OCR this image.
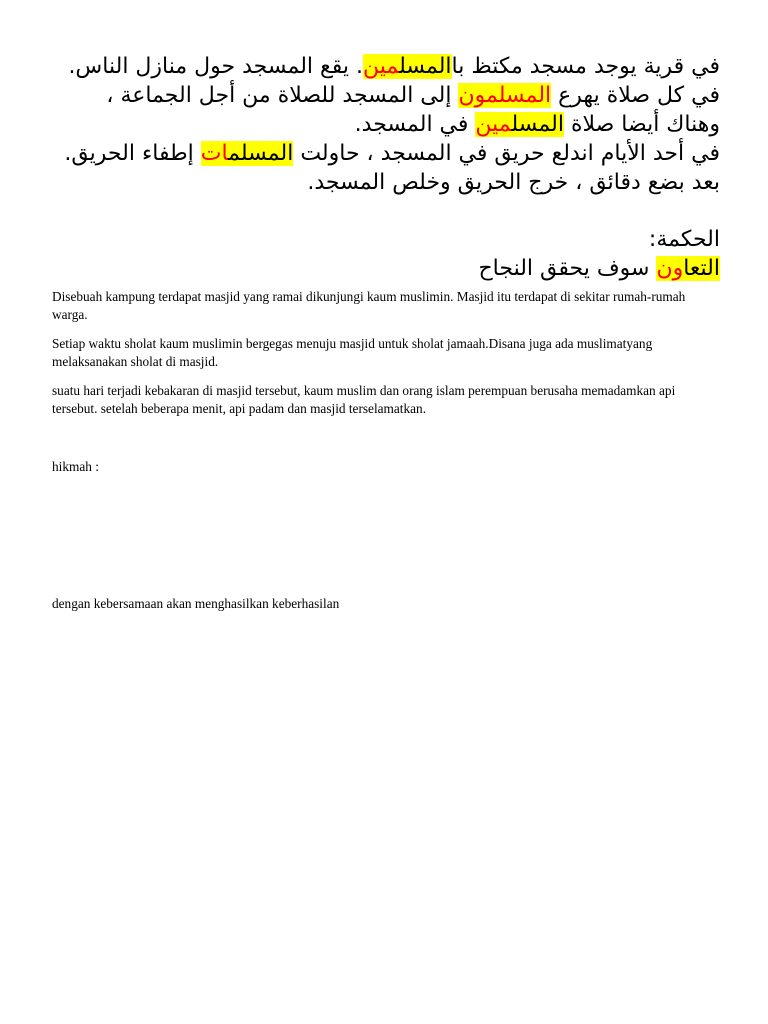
في قرية يوجد مسجد مكتظ باالمسلمين. يقع المسجد حول منازل الناس.

في كل صلاة يهرع المسلمون إلى المسجد للصلاة من أجل الجماعة ، وهناك أيضا صلاة المسلمين في المسجد.

في أحد الأيام اندلع حريق في المسجد ، حاولت المسلمات إطفاء الحريق. بعد بضع دقائق ، خرج الحريق وخلص المسجد.

الحكمة:

التعاون سوف يحقق النجاح

Disebuah kampung terdapat masjid yang ramai dikunjungi kaum muslimin. Masjid itu terdapat di sekitar rumah-rumah warga.

Setiap waktu sholat kaum muslimin bergegas menuju masjid untuk sholat jamaah.Disana juga ada muslimatyang melaksanakan sholat di masjid.

suatu hari terjadi kebakaran di masjid tersebut, kaum muslim dan orang islam perempuan berusaha memadamkan api tersebut. setelah beberapa menit, api padam dan masjid terselamatkan.

hikmah :
dengan kebersamaan akan menghasilkan keberhasilan
